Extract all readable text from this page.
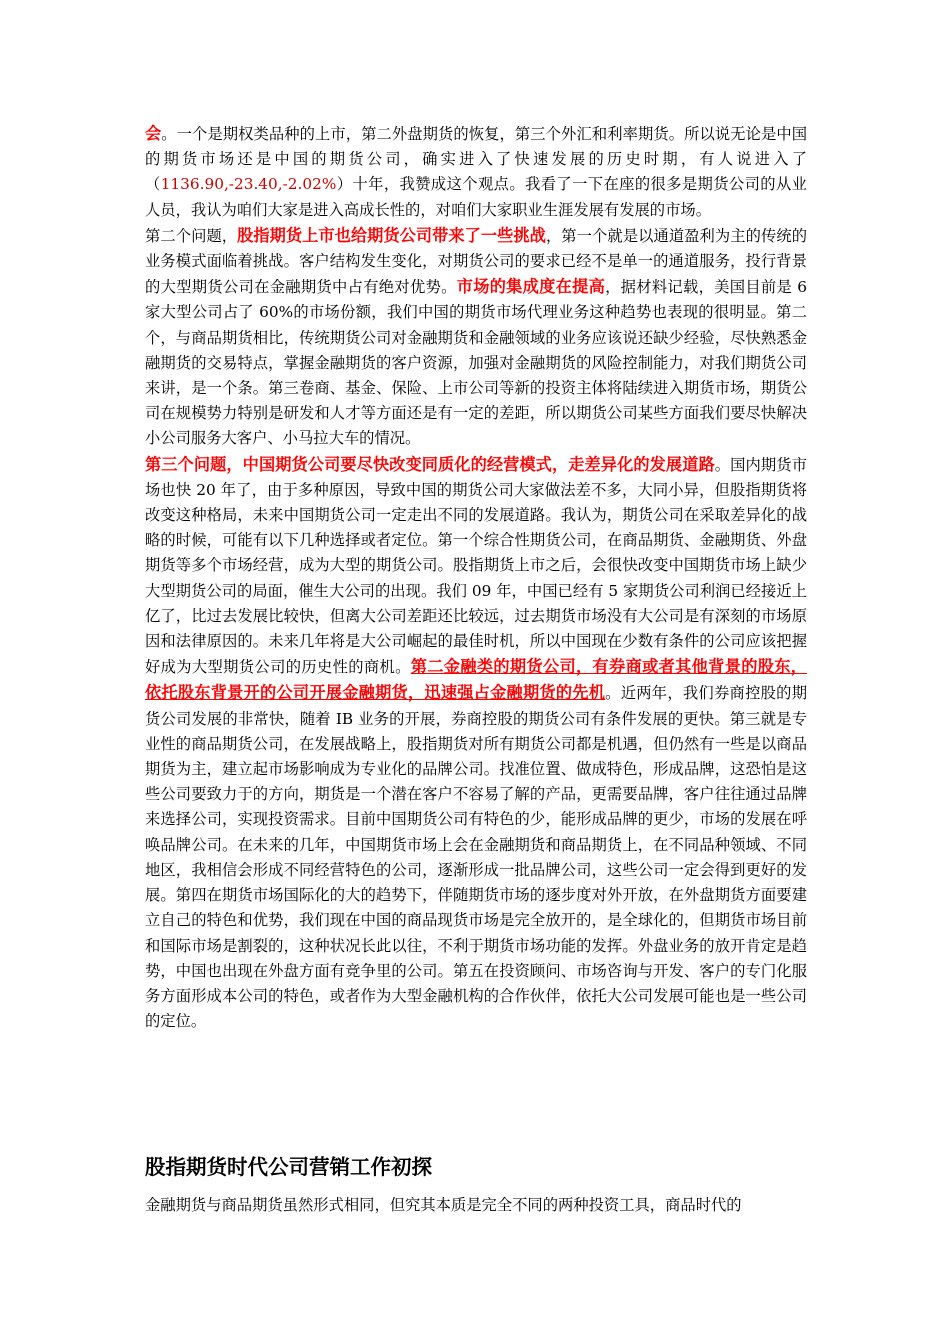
会。一个是期权类品种的上市，第二外盘期货的恢复，第三个外汇和利率期货。所以说无论是中国的期货市场还是中国的期货公司，确实进入了快速发展的历史时期，有人说进入了 （1136.90,-23.40,-2.02%）十年，我赞成这个观点。我看了一下在座的很多是期货公司的从业人员，我认为咱们大家是进入高成长性的，对咱们大家职业生涯发展有发展的市场。

第二个问题，股指期货上市也给期货公司带来了一些挑战，第一个就是以通道盈利为主的传统的业务模式面临着挑战。客户结构发生变化，对期货公司的要求已经不是单一的通道服务，投行背景的大型期货公司在金融期货中占有绝对优势。市场的集成度在提高，据材料记载，美国目前是 6 家大型公司占了 60%的市场份额，我们中国的期货市场代理业务这种趋势也表现的很明显。第二个，与商品期货相比，传统期货公司对金融期货和金融领域的业务应该说还缺少经验，尽快熟悉金融期货的交易特点，掌握金融期货的客户资源，加强对金融期货的风险控制能力，对我们期货公司来讲，是一个条。第三卷商、基金、保险、上市公司等新的投资主体将陆续进入期货市场，期货公司在规模势力特别是研发和人才等方面还是有一定的差距，所以期货公司某些方面我们要尽快解决小公司服务大客户、小马拉大车的情况。

第三个问题，中国期货公司要尽快改变同质化的经营模式，走差异化的发展道路。国内期货市场也快 20 年了，由于多种原因，导致中国的期货公司大家做法差不多，大同小异，但股指期货将改变这种格局，未来中国期货公司一定走出不同的发展道路。我认为，期货公司在采取差异化的战略的时候，可能有以下几种选择或者定位。第一个综合性期货公司，在商品期货、金融期货、外盘期货等多个市场经营，成为大型的期货公司。股指期货上市之后，会很快改变中国期货市场上缺少大型期货公司的局面，催生大公司的出现。我们 09 年，中国已经有 5 家期货公司利润已经接近上亿了，比过去发展比较快，但离大公司差距还比较远，过去期货市场没有大公司是有深刻的市场原因和法律原因的。未来几年将是大公司崛起的最佳时机，所以中国现在少数有条件的公司应该把握好成为大型期货公司的历史性的商机。第二金融类的期货公司，有券商或者其他背景的股东，依托股东背景开的公司开展金融期货，迅速强占金融期货的先机。近两年，我们券商控股的期货公司发展的非常快，随着 IB 业务的开展，券商控股的期货公司有条件发展的更快。第三就是专业性的商品期货公司，在发展战略上，股指期货对所有期货公司都是机遇，但仍然有一些是以商品期货为主，建立起市场影响成为专业化的品牌公司。找准位置、做成特色，形成品牌，这恐怕是这些公司要致力于的方向，期货是一个潜在客户不容易了解的产品，更需要品牌，客户往往通过品牌来选择公司，实现投资需求。目前中国期货公司有特色的少，能形成品牌的更少，市场的发展在呼唤品牌公司。在未来的几年，中国期货市场上会在金融期货和商品期货上，在不同品种领域、不同地区，我相信会形成不同经营特色的公司，逐渐形成一批品牌公司，这些公司一定会得到更好的发展。第四在期货市场国际化的大的趋势下，伴随期货市场的逐步度对外开放，在外盘期货方面要建立自己的特色和优势，我们现在中国的商品现货市场是完全放开的，是全球化的，但期货市场目前和国际市场是割裂的，这种状况长此以往，不利于期货市场功能的发挥。外盘业务的放开肯定是趋势，中国也出现在外盘方面有竞争里的公司。第五在投资顾问、市场咨询与开发、客户的专门化服务方面形成本公司的特色，或者作为大型金融机构的合作伙伴，依托大公司发展可能也是一些公司的定位。

股指期货时代公司营销工作初探

金融期货与商品期货虽然形式相同，但究其本质是完全不同的两种投资工具，商品时代的
